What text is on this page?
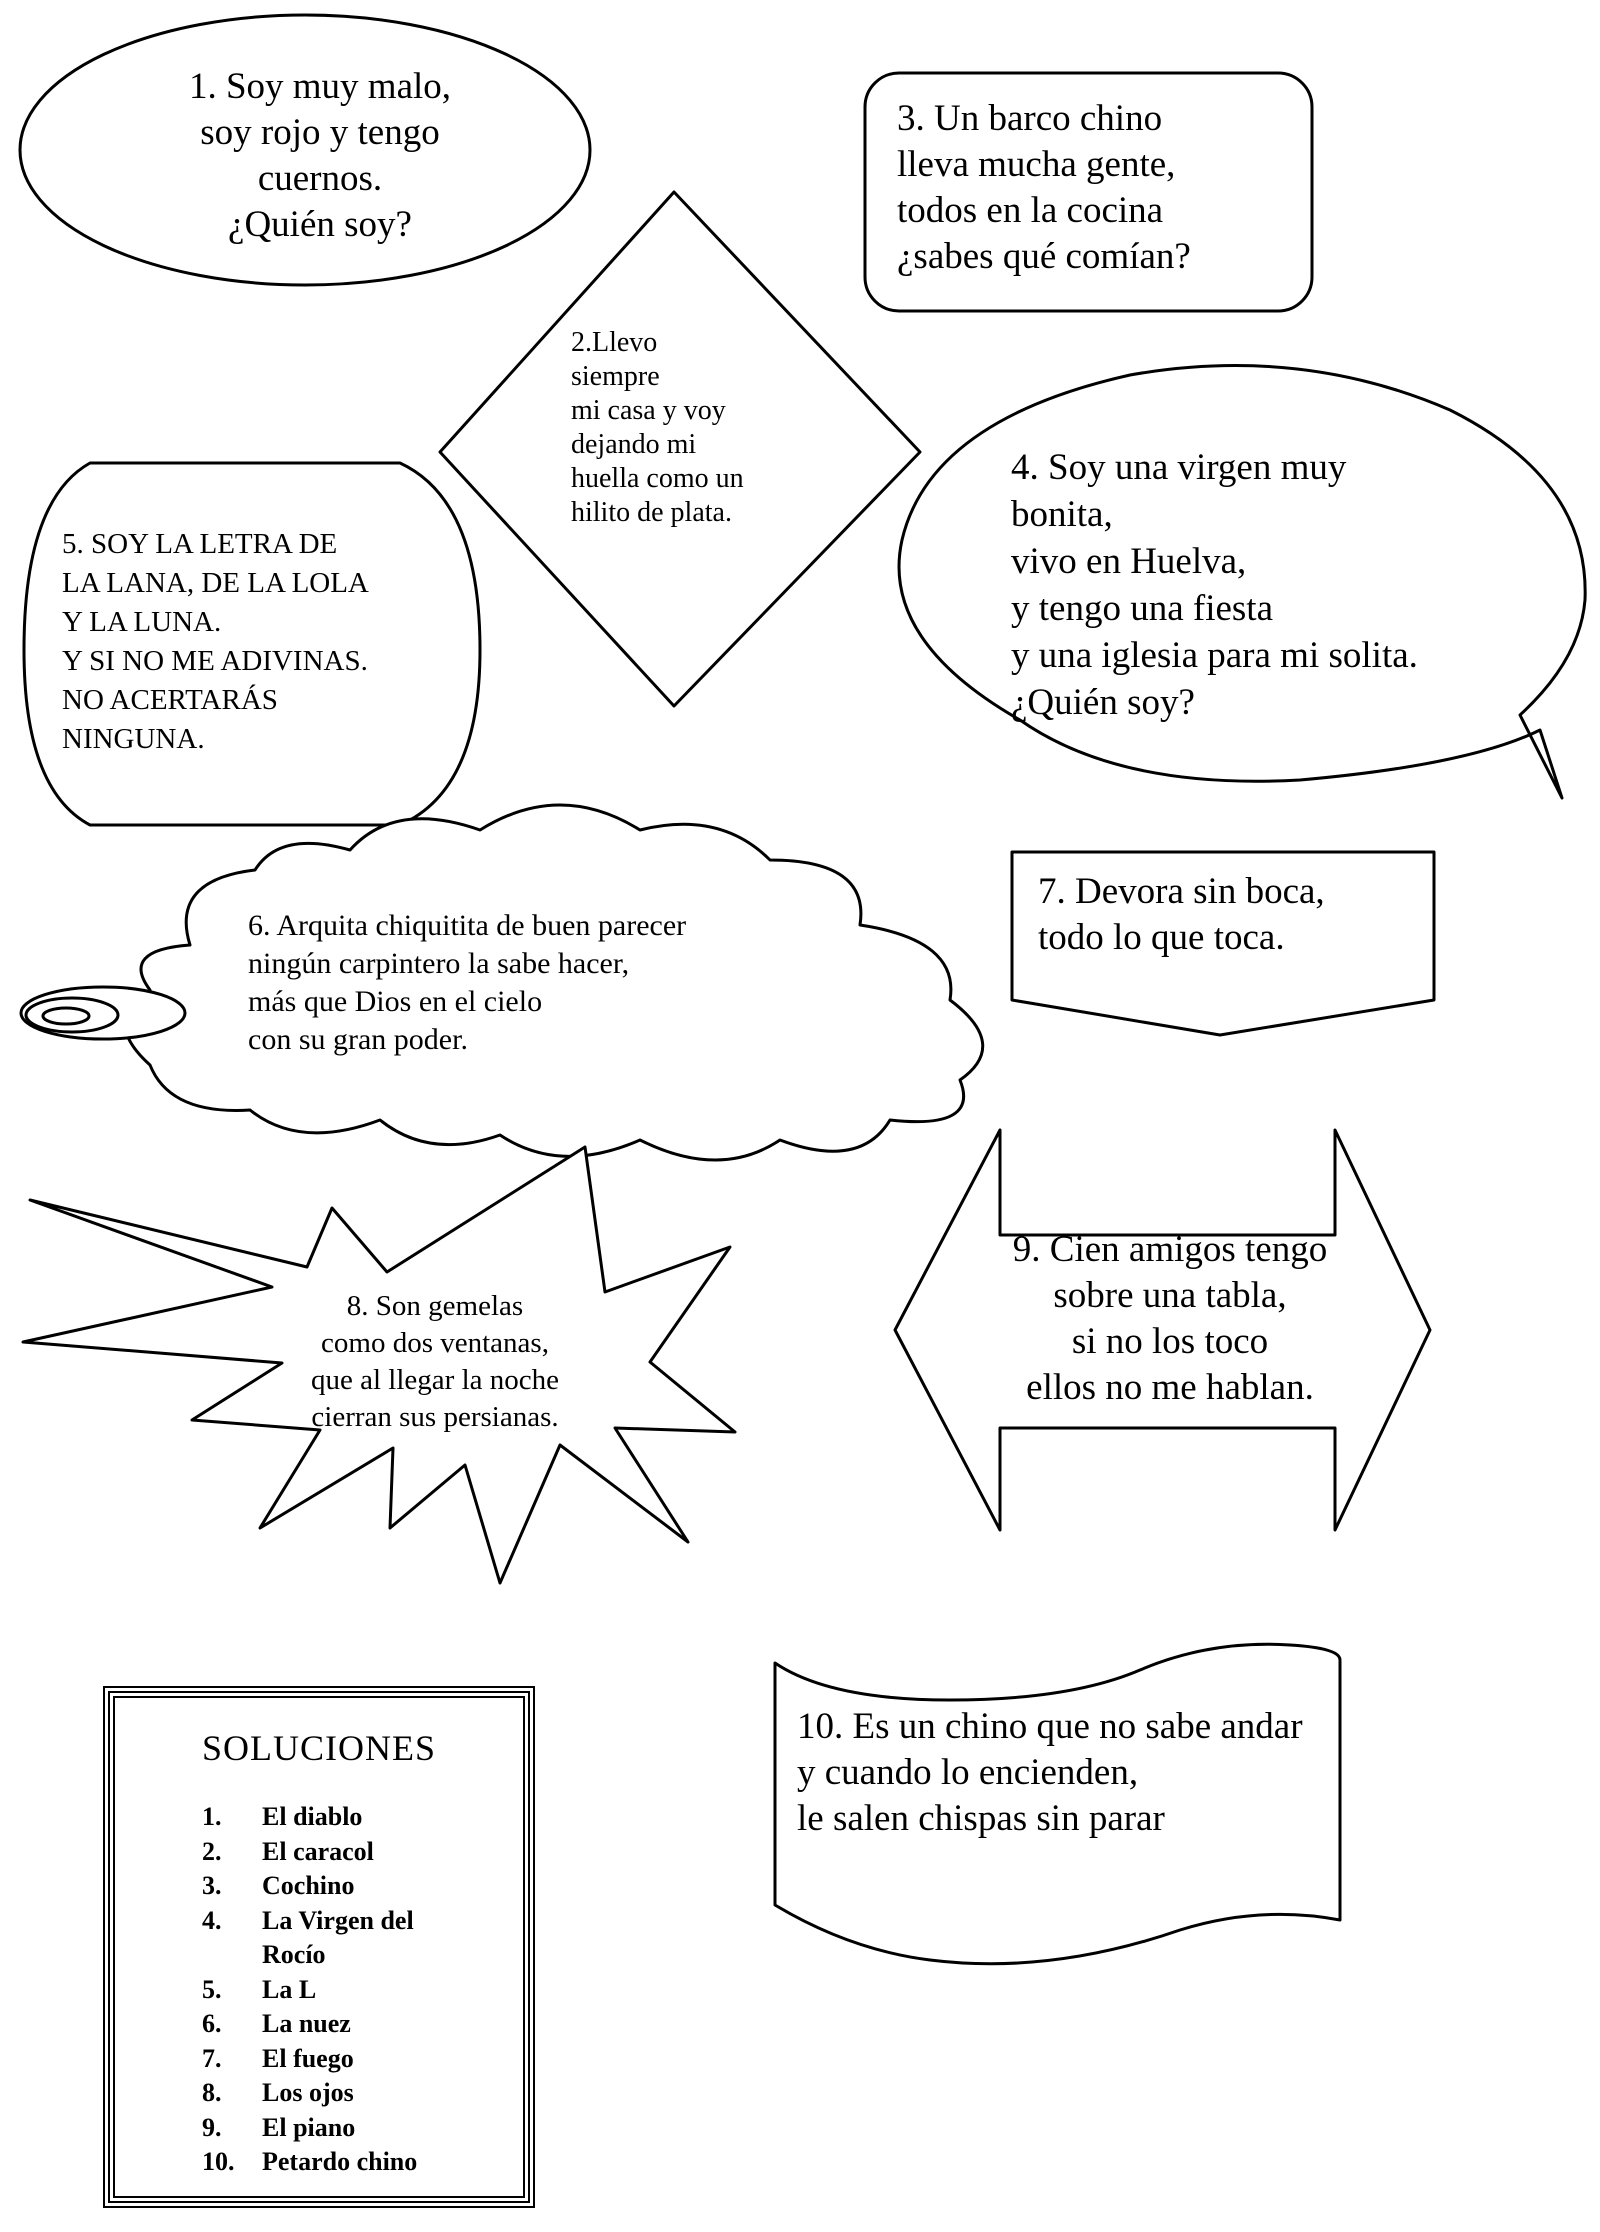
1. Soy muy malo,
soy rojo y tengo
cuernos.
¿Quién soy?
2.Llevo
siempre
mi casa y voy
dejando mi
huella como un
hilito de plata.
3. Un barco chino
lleva mucha gente,
todos en la cocina
¿sabes qué comían?
4. Soy una virgen muy
bonita,
vivo en Huelva,
y tengo una fiesta
y una iglesia para mi solita.
¿Quién soy?
5. SOY LA LETRA DE
LA LANA, DE LA LOLA
Y LA LUNA.
Y SI NO ME ADIVINAS.
NO ACERTARÁS
NINGUNA.
6. Arquita chiquitita de buen parecer
ningún carpintero la sabe hacer,
más que Dios en el cielo
con su gran poder.
7. Devora sin boca,
todo lo que toca.
8. Son gemelas
como dos ventanas,
que al llegar la noche
cierran sus persianas.
9. Cien amigos tengo
sobre una tabla,
si no los toco
ellos no me hablan.
10. Es un chino que no sabe andar
y cuando lo encienden,
le salen chispas sin parar
SOLUCIONES
1.	El diablo
2.	El caracol
3.	Cochino
4.	La Virgen del Rocío
5.	La L
6.	La nuez
7.	El fuego
8.	Los ojos
9.	El piano
10.	Petardo chino
